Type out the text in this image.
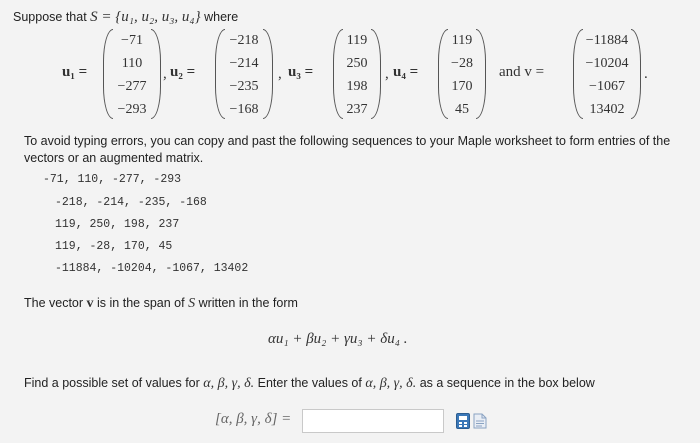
Suppose that S = {u₁, u₂, u₃, u₄} where
u₁ =
−71
110
−277
−293
, u₂ =
−218
−214
−235
−168
, u₃ =
119
250
198
237
, u₄ =
119
−28
170
45
and v =
−11884
−10204
−1067
13402
.
To avoid typing errors, you can copy and past the following sequences to your Maple worksheet to form entries of the
vectors or an augmented matrix.
-71, 110, -277, -293
-218, -214, -235, -168
119, 250, 198, 237
119, -28, 170, 45
-11884, -10204, -1067, 13402
The vector v is in the span of S written in the form
αu₁ + βu₂ + γu₃ + δu₄ .
Find a possible set of values for α, β, γ, δ. Enter the values of α, β, γ, δ. as a sequence in the box below
[α, β, γ, δ] =
